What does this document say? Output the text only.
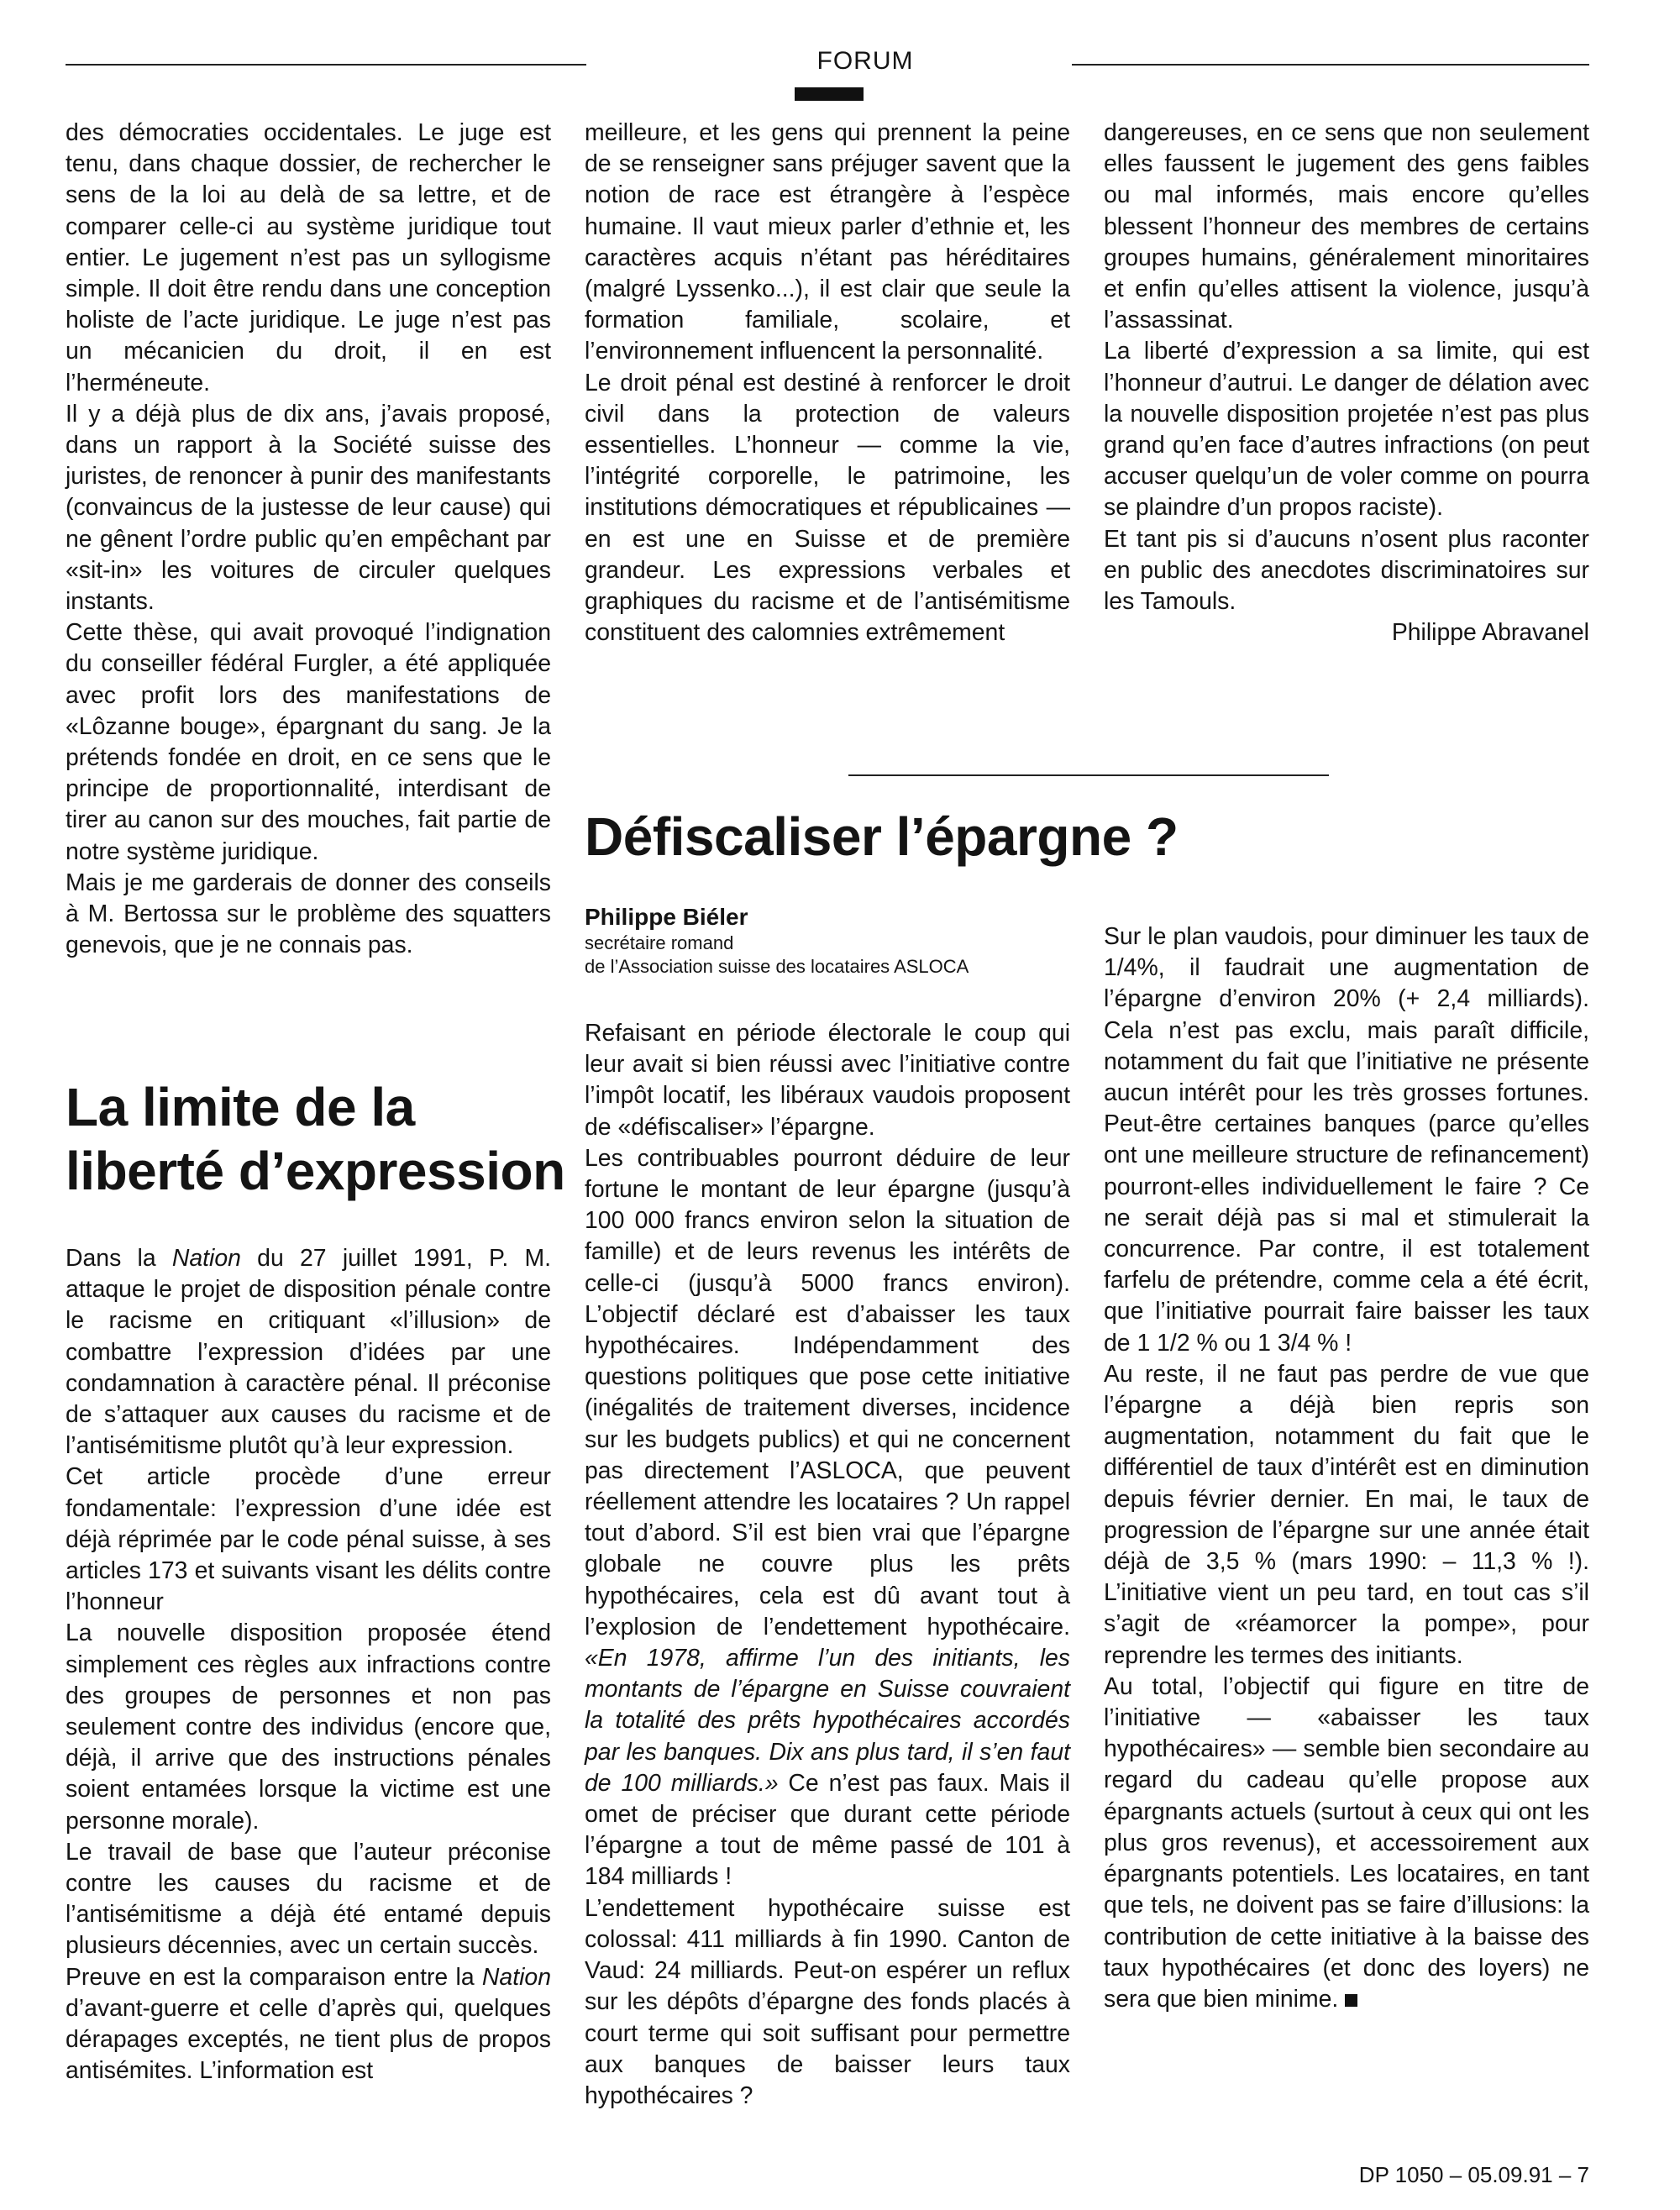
FORUM

des démocraties occidentales. Le juge est tenu, dans chaque dossier, de rechercher le sens de la loi au delà de sa lettre, et de comparer celle-ci au système juridique tout entier. Le jugement n’est pas un syllogisme simple. Il doit être rendu dans une conception holiste de l’acte juridique. Le juge n’est pas un mécanicien du droit, il en est l’herméneute.

Il y a déjà plus de dix ans, j’avais proposé, dans un rapport à la Société suisse des juristes, de renoncer à punir des manifestants (convaincus de la justesse de leur cause) qui ne gênent l’ordre public qu’en empêchant par «sit-in» les voitures de circuler quelques instants.

Cette thèse, qui avait provoqué l’indignation du conseiller fédéral Furgler, a été appliquée avec profit lors des manifestations de «Lôzanne bouge», épargnant du sang. Je la prétends fondée en droit, en ce sens que le principe de proportionnalité, interdisant de tirer au canon sur des mouches, fait partie de notre système juridique.

Mais je me garderais de donner des conseils à M. Bertossa sur le problème des squatters genevois, que je ne connais pas.

La limite de la liberté d’expression

Dans la Nation du 27 juillet 1991, P. M. attaque le projet de disposition pénale contre le racisme en critiquant «l’illusion» de combattre l’expression d’idées par une condamnation à caractère pénal. Il préconise de s’attaquer aux causes du racisme et de l’antisémitisme plutôt qu’à leur expression.

Cet article procède d’une erreur fondamentale: l’expression d’une idée est déjà réprimée par le code pénal suisse, à ses articles 173 et suivants visant les délits contre l’honneur

La nouvelle disposition proposée étend simplement ces règles aux infractions contre des groupes de personnes et non pas seulement contre des individus (encore que, déjà, il arrive que des instructions pénales soient entamées lorsque la victime est une personne morale).

Le travail de base que l’auteur préconise contre les causes du racisme et de l’antisémitisme a déjà été entamé depuis plusieurs décennies, avec un certain succès.

Preuve en est la comparaison entre la Nation d’avant-guerre et celle d’après qui, quelques dérapages exceptés, ne tient plus de propos antisémites. L’information est

meilleure, et les gens qui prennent la peine de se renseigner sans préjuger savent que la notion de race est étrangère à l’espèce humaine. Il vaut mieux parler d’ethnie et, les caractères acquis n’étant pas héréditaires (malgré Lyssenko...), il est clair que seule la formation familiale, scolaire, et l’environnement influencent la personnalité.

Le droit pénal est destiné à renforcer le droit civil dans la protection de valeurs essentielles. L’honneur — comme la vie, l’intégrité corporelle, le patrimoine, les institutions démocratiques et républicaines — en est une en Suisse et de première grandeur. Les expressions verbales et graphiques du racisme et de l’antisémitisme constituent des calomnies extrêmement

dangereuses, en ce sens que non seulement elles faussent le jugement des gens faibles ou mal informés, mais encore qu’elles blessent l’honneur des membres de certains groupes humains, généralement minoritaires et enfin qu’elles attisent la violence, jusqu’à l’assassinat.

La liberté d’expression a sa limite, qui est l’honneur d’autrui. Le danger de délation avec la nouvelle disposition projetée n’est pas plus grand qu’en face d’autres infractions (on peut accuser quelqu’un de voler comme on pourra se plaindre d’un propos raciste).

Et tant pis si d’aucuns n’osent plus raconter en public des anecdotes discriminatoires sur les Tamouls.

Philippe Abravanel

Défiscaliser l’épargne ?
Philippe Biéler
secrétaire romand
de l’Association suisse des locataires ASLOCA

Refaisant en période électorale le coup qui leur avait si bien réussi avec l’initiative contre l’impôt locatif, les libéraux vaudois proposent de «défiscaliser» l’épargne.

Les contribuables pourront déduire de leur fortune le montant de leur épargne (jusqu’à 100 000 francs environ selon la situation de famille) et de leurs revenus les intérêts de celle-ci (jusqu’à 5000 francs environ). L’objectif déclaré est d’abaisser les taux hypothécaires. Indépendamment des questions politiques que pose cette initiative (inégalités de traitement diverses, incidence sur les budgets publics) et qui ne concernent pas directement l’ASLOCA, que peuvent réellement attendre les locataires ? Un rappel tout d’abord. S’il est bien vrai que l’épargne globale ne couvre plus les prêts hypothécaires, cela est dû avant tout à l’explosion de l’endettement hypothécaire. «En 1978, affirme l’un des initiants, les montants de l’épargne en Suisse couvraient la totalité des prêts hypothécaires accordés par les banques. Dix ans plus tard, il s’en faut de 100 milliards.» Ce n’est pas faux. Mais il omet de préciser que durant cette période l’épargne a tout de même passé de 101 à 184 milliards !

L’endettement hypothécaire suisse est colossal: 411 milliards à fin 1990. Canton de Vaud: 24 milliards. Peut-on espérer un reflux sur les dépôts d’épargne des fonds placés à court terme qui soit suffisant pour permettre aux banques de baisser leurs taux hypothécaires ?

Sur le plan vaudois, pour diminuer les taux de 1/4%, il faudrait une augmentation de l’épargne d’environ 20% (+ 2,4 milliards). Cela n’est pas exclu, mais paraît difficile, notamment du fait que l’initiative ne présente aucun intérêt pour les très grosses fortunes. Peut-être certaines banques (parce qu’elles ont une meilleure structure de refinancement) pourront-elles individuellement le faire ? Ce ne serait déjà pas si mal et stimulerait la concurrence. Par contre, il est totalement farfelu de prétendre, comme cela a été écrit, que l’initiative pourrait faire baisser les taux de 1 1/2 % ou 1 3/4 % !

Au reste, il ne faut pas perdre de vue que l’épargne a déjà bien repris son augmentation, notamment du fait que le différentiel de taux d’intérêt est en diminution depuis février dernier. En mai, le taux de progression de l’épargne sur une année était déjà de 3,5 % (mars 1990: – 11,3 % !). L’initiative vient un peu tard, en tout cas s’il s’agit de «réamorcer la pompe», pour reprendre les termes des initiants.

Au total, l’objectif qui figure en titre de l’initiative — «abaisser les taux hypothécaires» — semble bien secondaire au regard du cadeau qu’elle propose aux épargnants actuels (surtout à ceux qui ont les plus gros revenus), et accessoirement aux épargnants potentiels. Les locataires, en tant que tels, ne doivent pas se faire d’illusions: la contribution de cette initiative à la baisse des taux hypothécaires (et donc des loyers) ne sera que bien minime.

DP 1050 – 05.09.91 – 7
